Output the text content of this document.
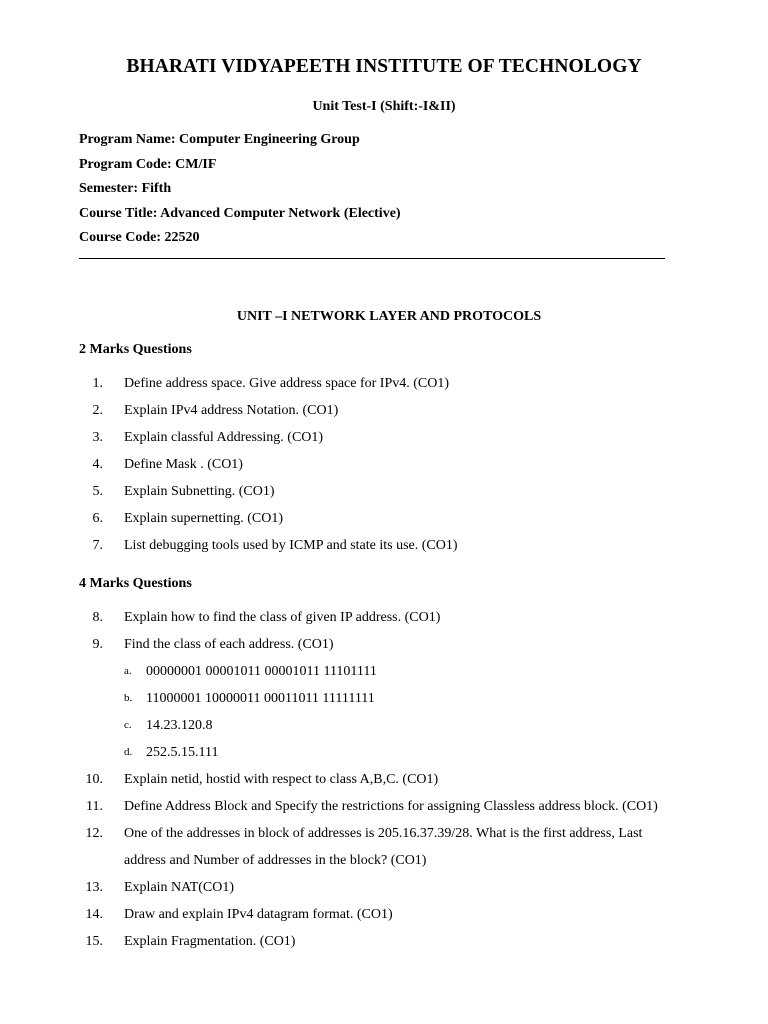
BHARATI VIDYAPEETH INSTITUTE OF TECHNOLOGY
Unit Test-I (Shift:-I&II)
Program Name: Computer Engineering Group
Program Code: CM/IF
Semester: Fifth
Course Title: Advanced Computer Network (Elective)
Course Code: 22520
UNIT –I NETWORK LAYER AND PROTOCOLS
2 Marks Questions
1. Define address space. Give address space for IPv4. (CO1)
2. Explain IPv4 address Notation. (CO1)
3. Explain classful Addressing. (CO1)
4. Define Mask . (CO1)
5. Explain Subnetting. (CO1)
6. Explain supernetting. (CO1)
7. List debugging tools used by ICMP and state its use. (CO1)
4 Marks Questions
8. Explain how to find the class of given IP address. (CO1)
9. Find the class of each address. (CO1)
a. 00000001 00001011 00001011 11101111
b. 11000001 10000011 00011011 11111111
c. 14.23.120.8
d. 252.5.15.111
10. Explain netid, hostid with respect to class A,B,C. (CO1)
11. Define Address Block and Specify the restrictions for assigning Classless address block. (CO1)
12. One of the addresses in block of addresses is 205.16.37.39/28. What is the first address, Last
address and Number of addresses in the block? (CO1)
13. Explain NAT(CO1)
14. Draw and explain IPv4 datagram format. (CO1)
15. Explain Fragmentation. (CO1)
